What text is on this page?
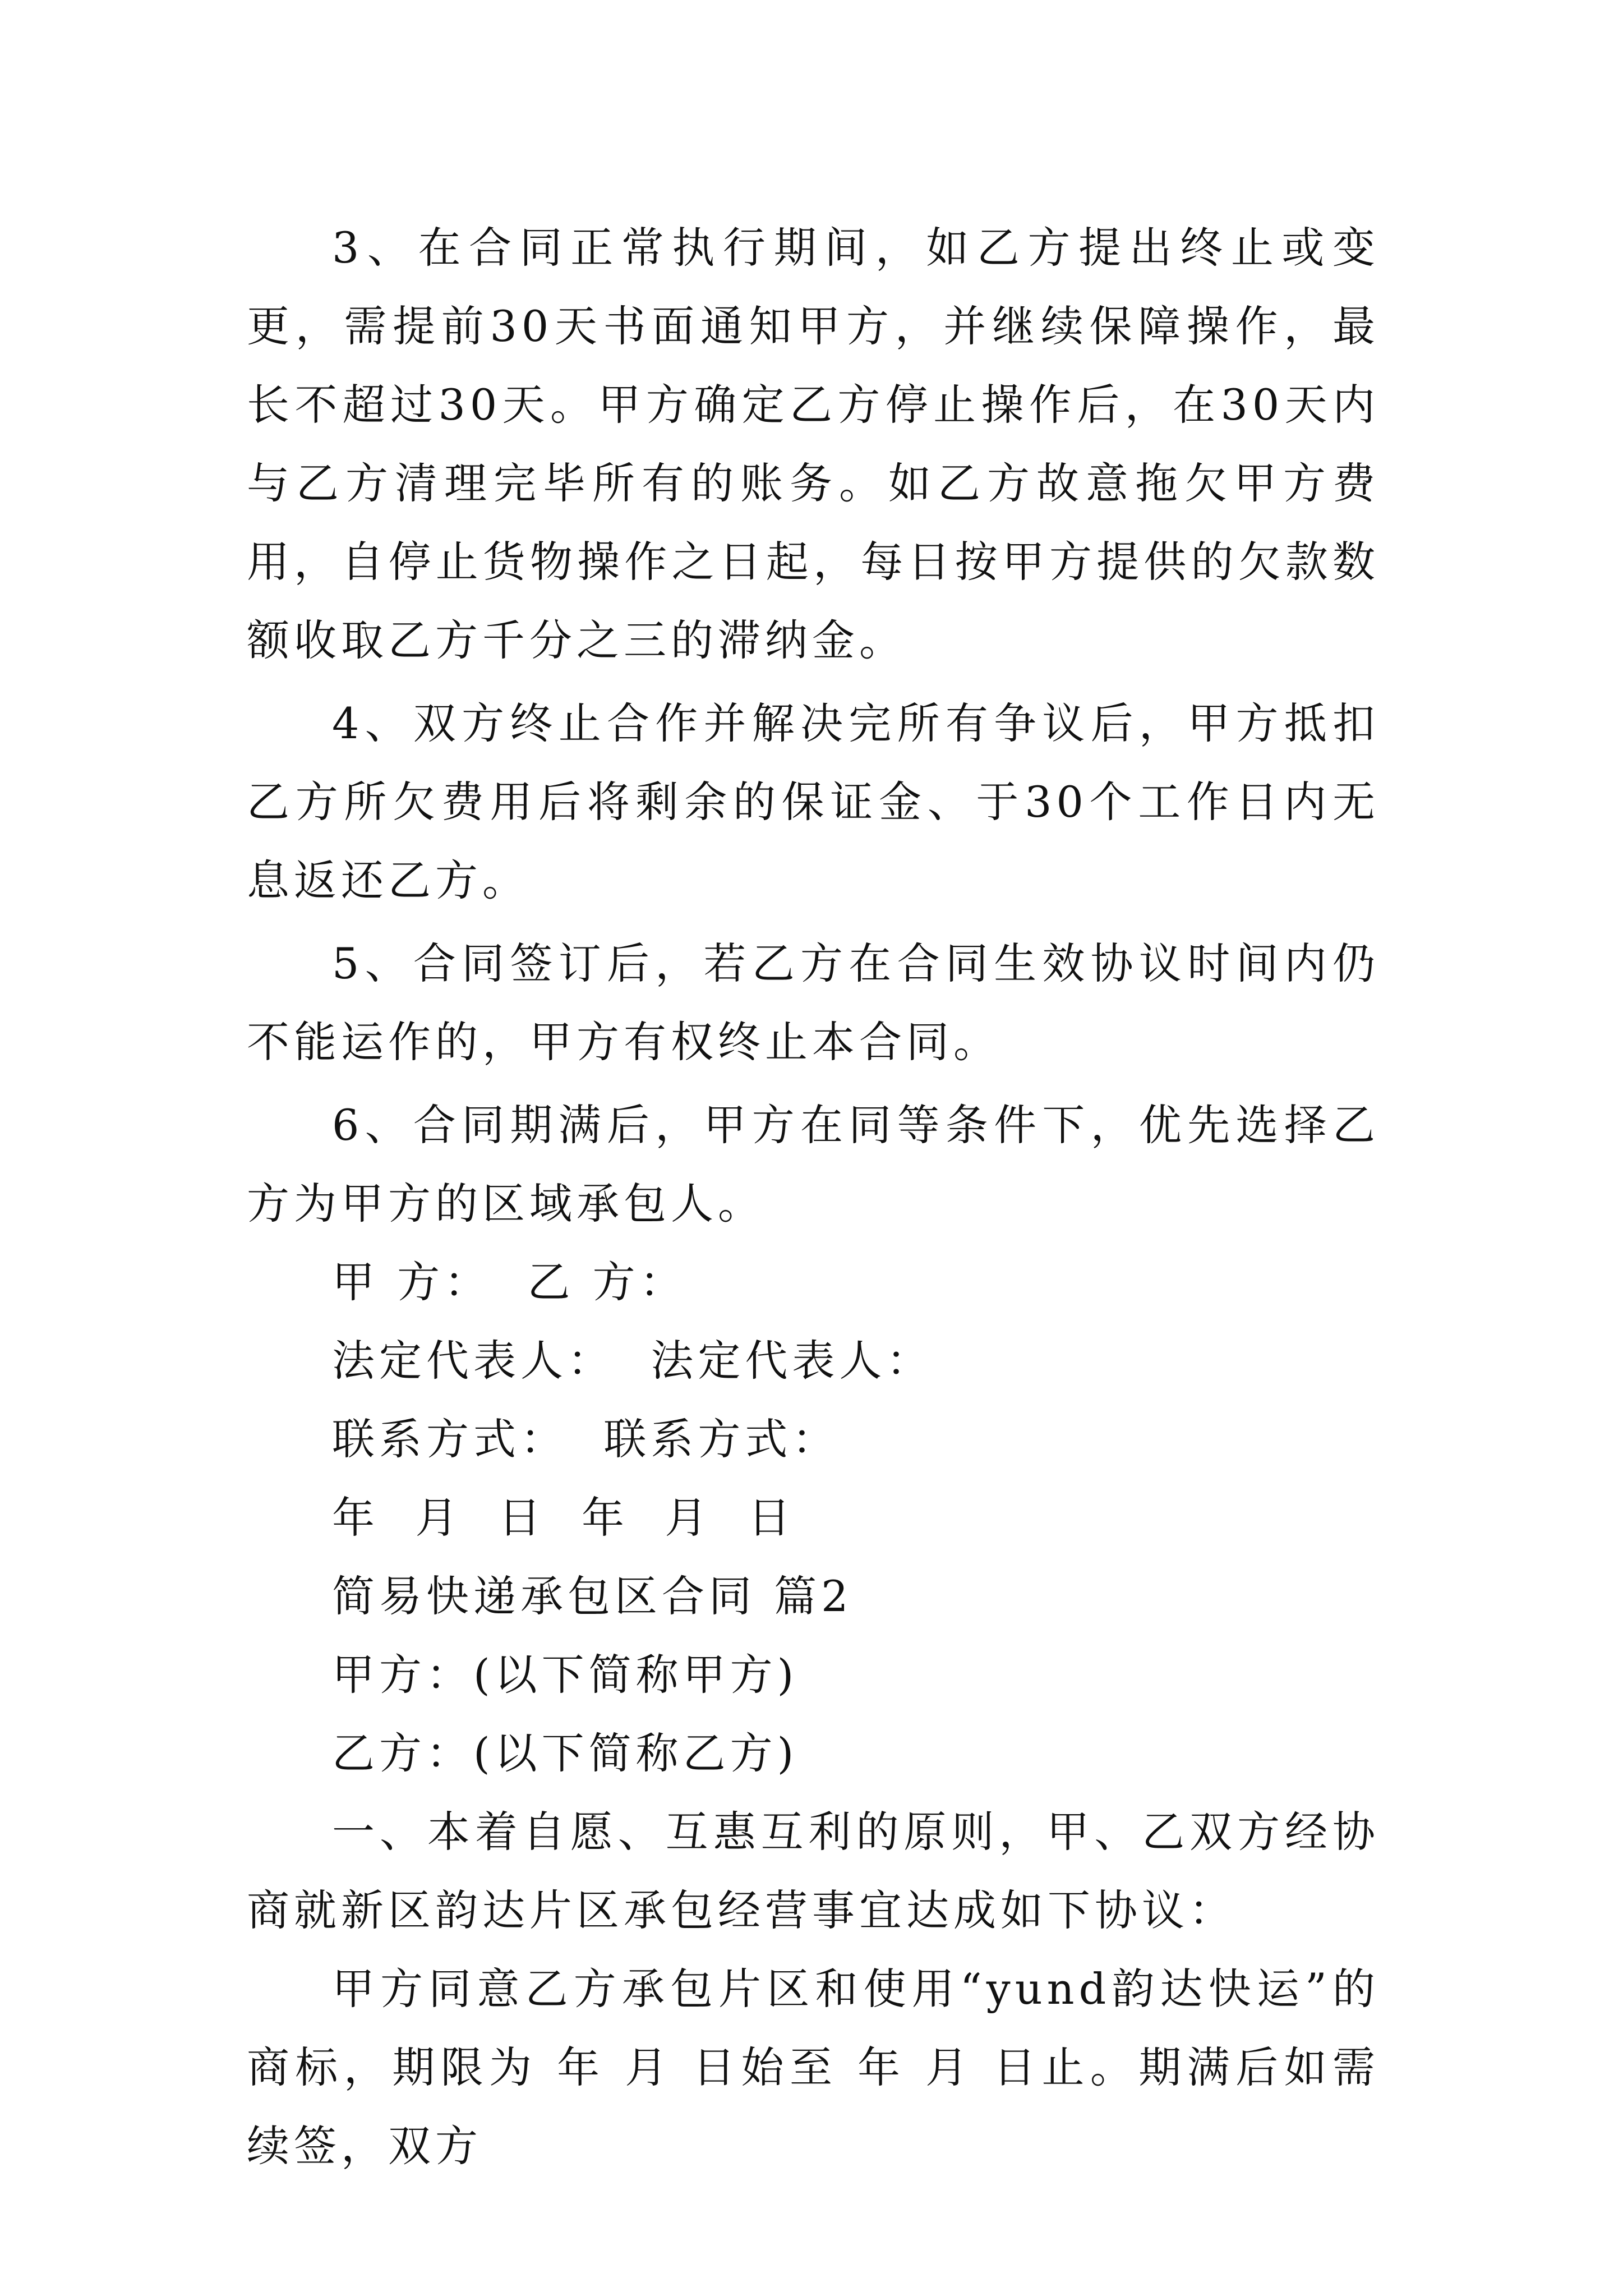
3、在合同正常执行期间，如乙方提出终止或变更，需提前30天书面通知甲方，并继续保障操作，最长不超过30天。甲方确定乙方停止操作后，在30天内与乙方清理完毕所有的账务。如乙方故意拖欠甲方费用，自停止货物操作之日起，每日按甲方提供的欠款数额收取乙方千分之三的滞纳金。

4、双方终止合作并解决完所有争议后，甲方抵扣乙方所欠费用后将剩余的保证金、于30个工作日内无息返还乙方。

5、合同签订后，若乙方在合同生效协议时间内仍不能运作的，甲方有权终止本合同。

6、合同期满后，甲方在同等条件下，优先选择乙方为甲方的区域承包人。

甲 方：  乙 方：

法定代表人：  法定代表人：

联系方式：  联系方式：

年  月  日  年  月  日

简易快递承包区合同 篇2

甲方：(以下简称甲方)

乙方：(以下简称乙方)

一、本着自愿、互惠互利的原则，甲、乙双方经协商就新区韵达片区承包经营事宜达成如下协议：

甲方同意乙方承包片区和使用“yund韵达快运”的商标，期限为 年 月 日始至 年 月 日止。期满后如需续签，双方
